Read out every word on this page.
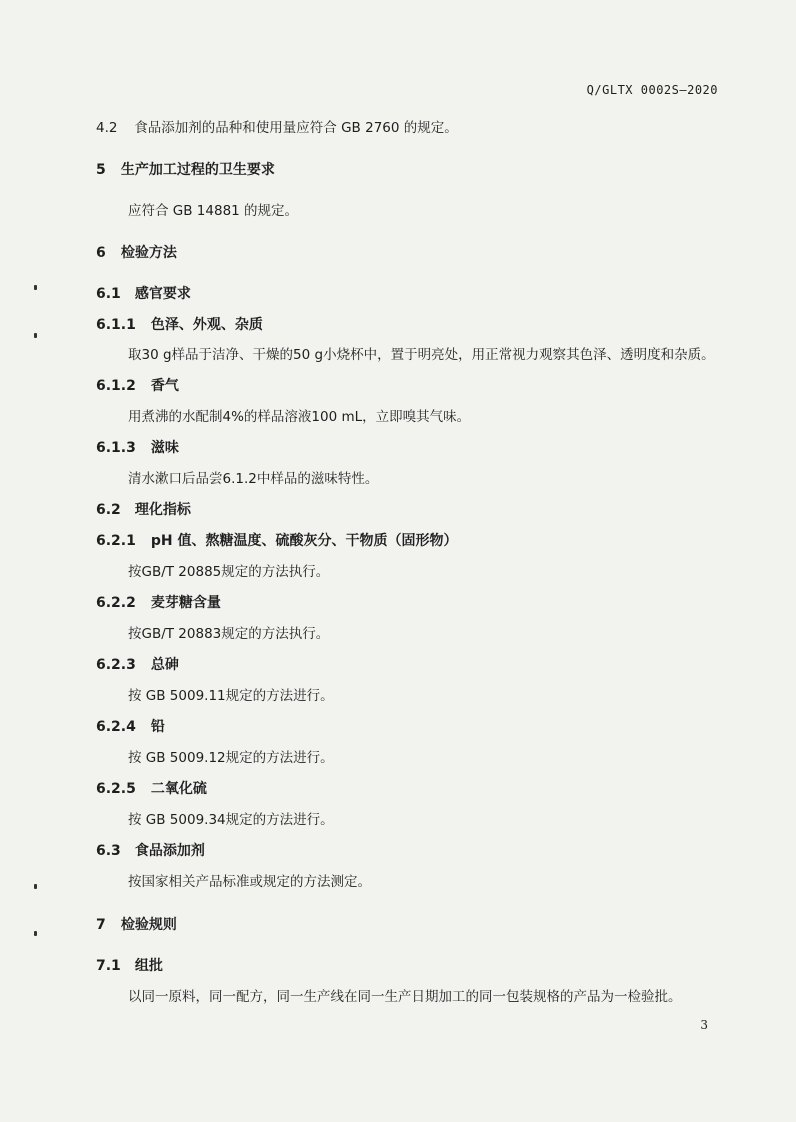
Q/GLTX 0002S—2020
4.2 食品添加剂的品种和使用量应符合 GB 2760 的规定。
5 生产加工过程的卫生要求
应符合 GB 14881 的规定。
6 检验方法
6.1 感官要求
6.1.1 色泽、外观、杂质
取30 g样品于洁净、干燥的50 g小烧杯中，置于明亮处，用正常视力观察其色泽、透明度和杂质。
6.1.2 香气
用煮沸的水配制4%的样品溶液100 mL，立即嗅其气味。
6.1.3 滋味
清水漱口后品尝6.1.2中样品的滋味特性。
6.2 理化指标
6.2.1 pH 值、熬糖温度、硫酸灰分、干物质（固形物）
按GB/T 20885规定的方法执行。
6.2.2 麦芽糖含量
按GB/T 20883规定的方法执行。
6.2.3 总砷
按 GB 5009.11规定的方法进行。
6.2.4 铅
按 GB 5009.12规定的方法进行。
6.2.5 二氧化硫
按 GB 5009.34规定的方法进行。
6.3 食品添加剂
按国家相关产品标准或规定的方法测定。
7 检验规则
7.1 组批
以同一原料，同一配方，同一生产线在同一生产日期加工的同一包装规格的产品为一检验批。
3
